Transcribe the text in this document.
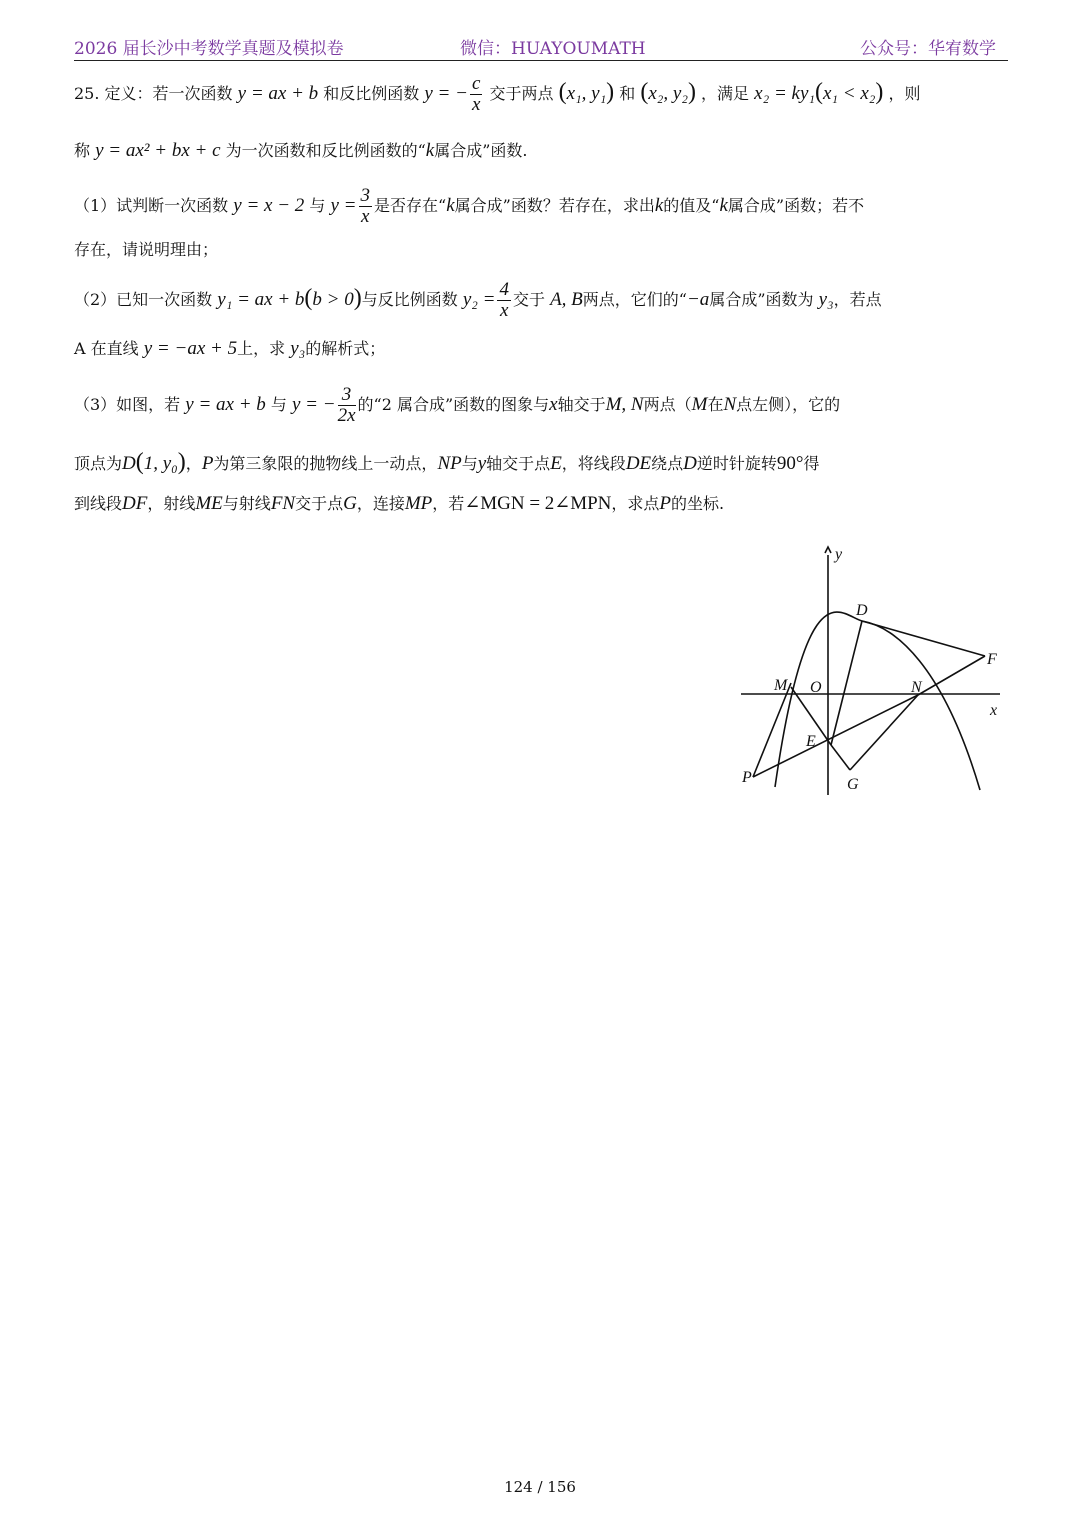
2026 届长沙中考数学真题及模拟卷	微信：HUAYOUMATH	公众号：华宥数学
25. 定义：若一次函数 y = ax + b 和反比例函数 y = − $\frac{c}{x}$ 交于两点 (x₁, y₁) 和 (x₂, y₂) ，满足 x₂ = ky₁(x₁ < x₂) ，则
称 y = ax² + bx + c 为一次函数和反比例函数的“k属合成”函数.
（1）试判断一次函数 y = x − 2 与 $y = \frac{3}{x}$ 是否存在“k属合成”函数？若存在，求出k的值及“k属合成”函数；若不
存在，请说明理由；
（2）已知一次函数 y₁ = ax + b(b > 0)与反比例函数 $y_2 = \frac{4}{x}$ 交于 A, B两点，它们的“−a属合成”函数为 y₃，若点
A 在直线 y = −ax + 5上，求 y₃的解析式；
（3）如图，若 y = ax + b 与 y = − $\frac{3}{2x}$ 的“2 属合成”函数的图象与x轴交于M, N两点（M在N点左侧），它的
顶点为D(1, y₀)，P为第三象限的抛物线上一动点，NP与y轴交于点E，将线段DE绕点D逆时针旋转90°得
到线段DF，射线ME与射线FN交于点G，连接MP，若∠MGN = 2∠MPN，求点P的坐标.
y
x
D
F
M O	N
E
P	G
124 / 156
